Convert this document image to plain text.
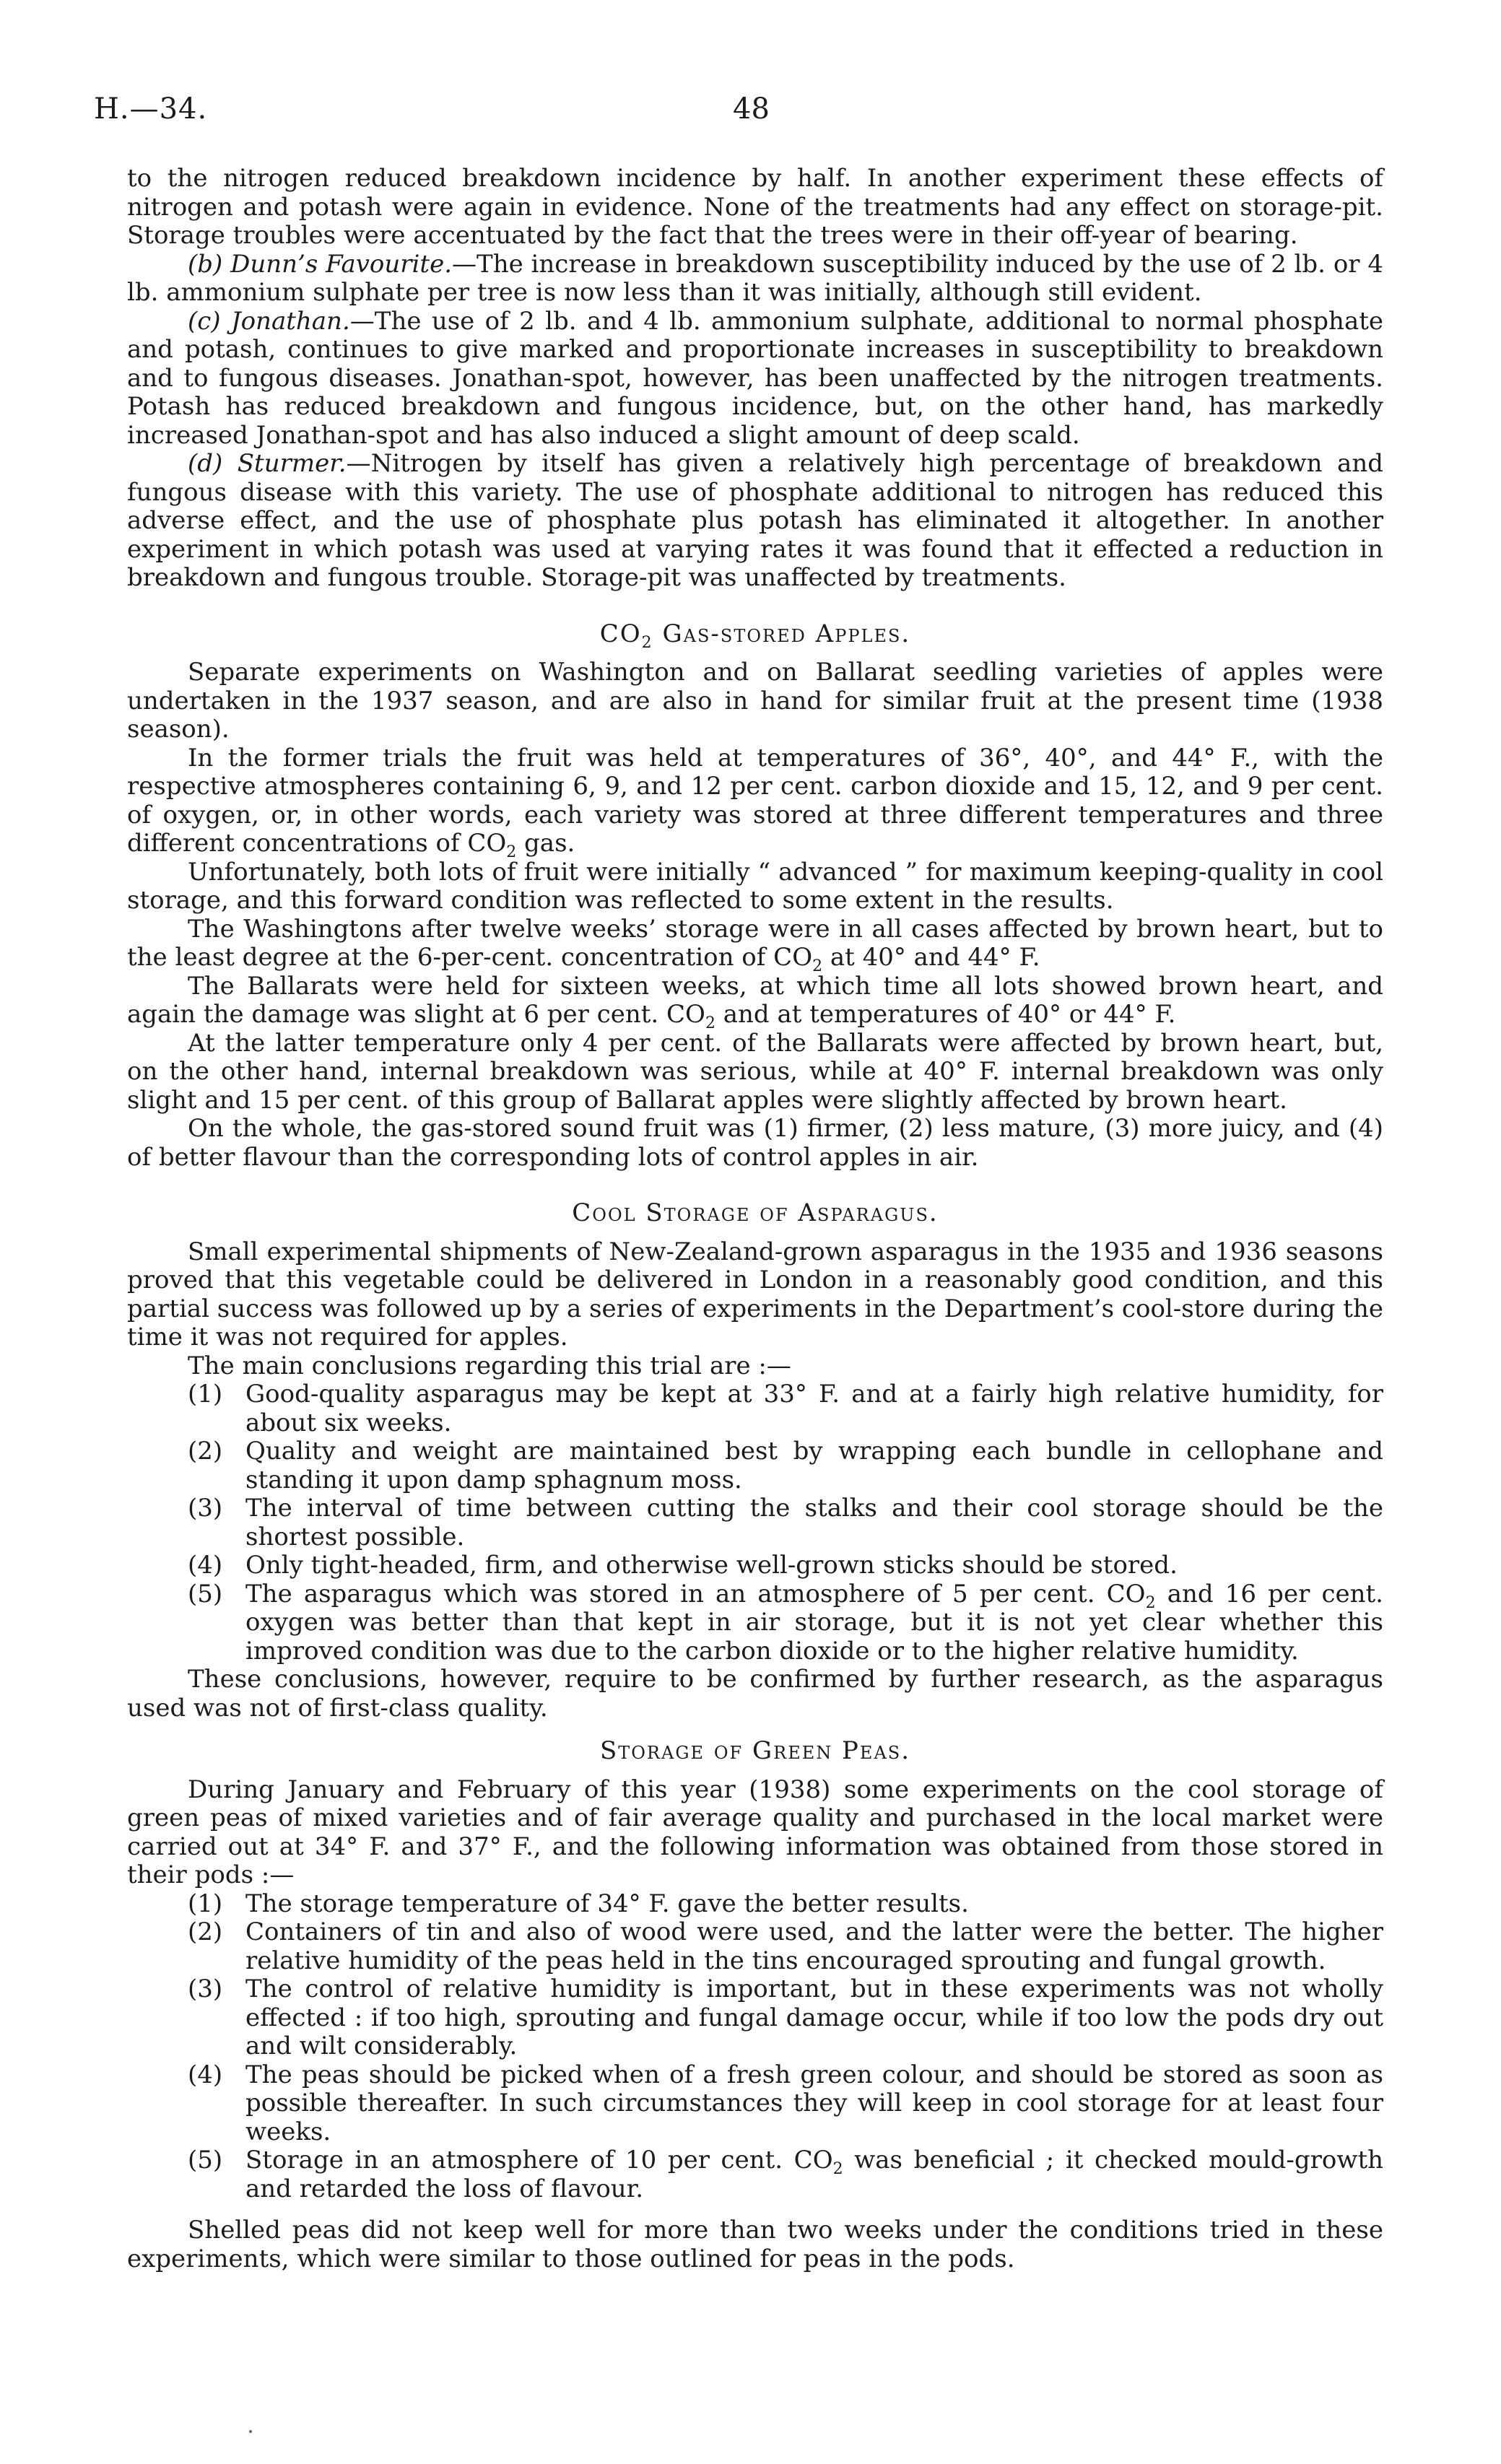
H.—34.	48

to the nitrogen reduced breakdown incidence by half. In another experiment these effects of nitrogen and potash were again in evidence. None of the treatments had any effect on storage-pit. Storage troubles were accentuated by the fact that the trees were in their off-year of bearing.

(b) Dunn’s Favourite.—The increase in breakdown susceptibility induced by the use of 2 lb. or 4 lb. ammonium sulphate per tree is now less than it was initially, although still evident.

(c) Jonathan.—The use of 2 lb. and 4 lb. ammonium sulphate, additional to normal phosphate and potash, continues to give marked and proportionate increases in susceptibility to breakdown and to fungous diseases. Jonathan-spot, however, has been unaffected by the nitrogen treatments. Potash has reduced breakdown and fungous incidence, but, on the other hand, has markedly increased Jonathan-spot and has also induced a slight amount of deep scald.

(d) Sturmer.—Nitrogen by itself has given a relatively high percentage of breakdown and fungous disease with this variety. The use of phosphate additional to nitrogen has reduced this adverse effect, and the use of phosphate plus potash has eliminated it altogether. In another experiment in which potash was used at varying rates it was found that it effected a reduction in breakdown and fungous trouble. Storage-pit was unaffected by treatments.

$CO_2$ Gas-stored Apples.

Separate experiments on Washington and on Ballarat seedling varieties of apples were undertaken in the 1937 season, and are also in hand for similar fruit at the present time (1938 season).

In the former trials the fruit was held at temperatures of 36°, 40°, and 44° F., with the respective atmospheres containing 6, 9, and 12 per cent. carbon dioxide and 15, 12, and 9 per cent. of oxygen, or, in other words, each variety was stored at three different temperatures and three different concentrations of $CO_2$ gas.

Unfortunately, both lots of fruit were initially “ advanced ” for maximum keeping-quality in cool storage, and this forward condition was reflected to some extent in the results.

The Washingtons after twelve weeks’ storage were in all cases affected by brown heart, but to the least degree at the 6-per-cent. concentration of $CO_2$ at 40° and 44° F.

The Ballarats were held for sixteen weeks, at which time all lots showed brown heart, and again the damage was slight at 6 per cent. $CO_2$ and at temperatures of 40° or 44° F.

At the latter temperature only 4 per cent. of the Ballarats were affected by brown heart, but, on the other hand, internal breakdown was serious, while at 40° F. internal breakdown was only slight and 15 per cent. of this group of Ballarat apples were slightly affected by brown heart.

On the whole, the gas-stored sound fruit was (1) firmer, (2) less mature, (3) more juicy, and (4) of better flavour than the corresponding lots of control apples in air.

Cool Storage of Asparagus.

Small experimental shipments of New-Zealand-grown asparagus in the 1935 and 1936 seasons proved that this vegetable could be delivered in London in a reasonably good condition, and this partial success was followed up by a series of experiments in the Department’s cool-store during the time it was not required for apples.

The main conclusions regarding this trial are :—

(1) Good-quality asparagus may be kept at 33° F. and at a fairly high relative humidity, for about six weeks.
(2) Quality and weight are maintained best by wrapping each bundle in cellophane and standing it upon damp sphagnum moss.
(3) The interval of time between cutting the stalks and their cool storage should be the shortest possible.
(4) Only tight-headed, firm, and otherwise well-grown sticks should be stored.
(5) The asparagus which was stored in an atmosphere of 5 per cent. $CO_2$ and 16 per cent. oxygen was better than that kept in air storage, but it is not yet clear whether this improved condition was due to the carbon dioxide or to the higher relative humidity.

These conclusions, however, require to be confirmed by further research, as the asparagus used was not of first-class quality.

Storage of Green Peas.

During January and February of this year (1938) some experiments on the cool storage of green peas of mixed varieties and of fair average quality and purchased in the local market were carried out at 34° F. and 37° F., and the following information was obtained from those stored in their pods :—

(1) The storage temperature of 34° F. gave the better results.
(2) Containers of tin and also of wood were used, and the latter were the better. The higher relative humidity of the peas held in the tins encouraged sprouting and fungal growth.
(3) The control of relative humidity is important, but in these experiments was not wholly effected : if too high, sprouting and fungal damage occur, while if too low the pods dry out and wilt considerably.
(4) The peas should be picked when of a fresh green colour, and should be stored as soon as possible thereafter. In such circumstances they will keep in cool storage for at least four weeks.
(5) Storage in an atmosphere of 10 per cent. $CO_2$ was beneficial ; it checked mould-growth and retarded the loss of flavour.

Shelled peas did not keep well for more than two weeks under the conditions tried in these experiments, which were similar to those outlined for peas in the pods.
